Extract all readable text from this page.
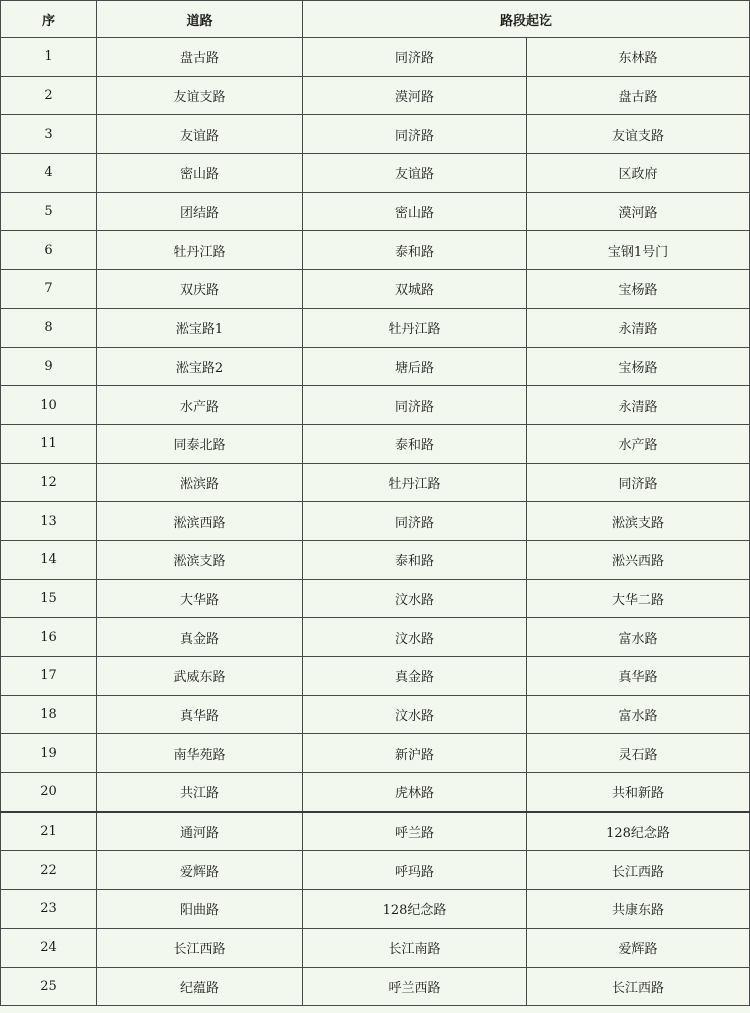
序	道路	路段起讫	
1	盘古路	同济路	东林路
2	友谊支路	漠河路	盘古路
3	友谊路	同济路	友谊支路
4	密山路	友谊路	区政府
5	团结路	密山路	漠河路
6	牡丹江路	泰和路	宝钢1号门
7	双庆路	双城路	宝杨路
8	淞宝路1	牡丹江路	永清路
9	淞宝路2	塘后路	宝杨路
10	水产路	同济路	永清路
11	同泰北路	泰和路	水产路
12	淞滨路	牡丹江路	同济路
13	淞滨西路	同济路	淞滨支路
14	淞滨支路	泰和路	淞兴西路
15	大华路	汶水路	大华二路
16	真金路	汶水路	富水路
17	武威东路	真金路	真华路
18	真华路	汶水路	富水路
19	南华苑路	新沪路	灵石路
20	共江路	虎林路	共和新路
21	通河路	呼兰路	128纪念路
22	爱辉路	呼玛路	长江西路
23	阳曲路	128纪念路	共康东路
24	长江西路	长江南路	爱辉路
25	纪蕴路	呼兰西路	长江西路
